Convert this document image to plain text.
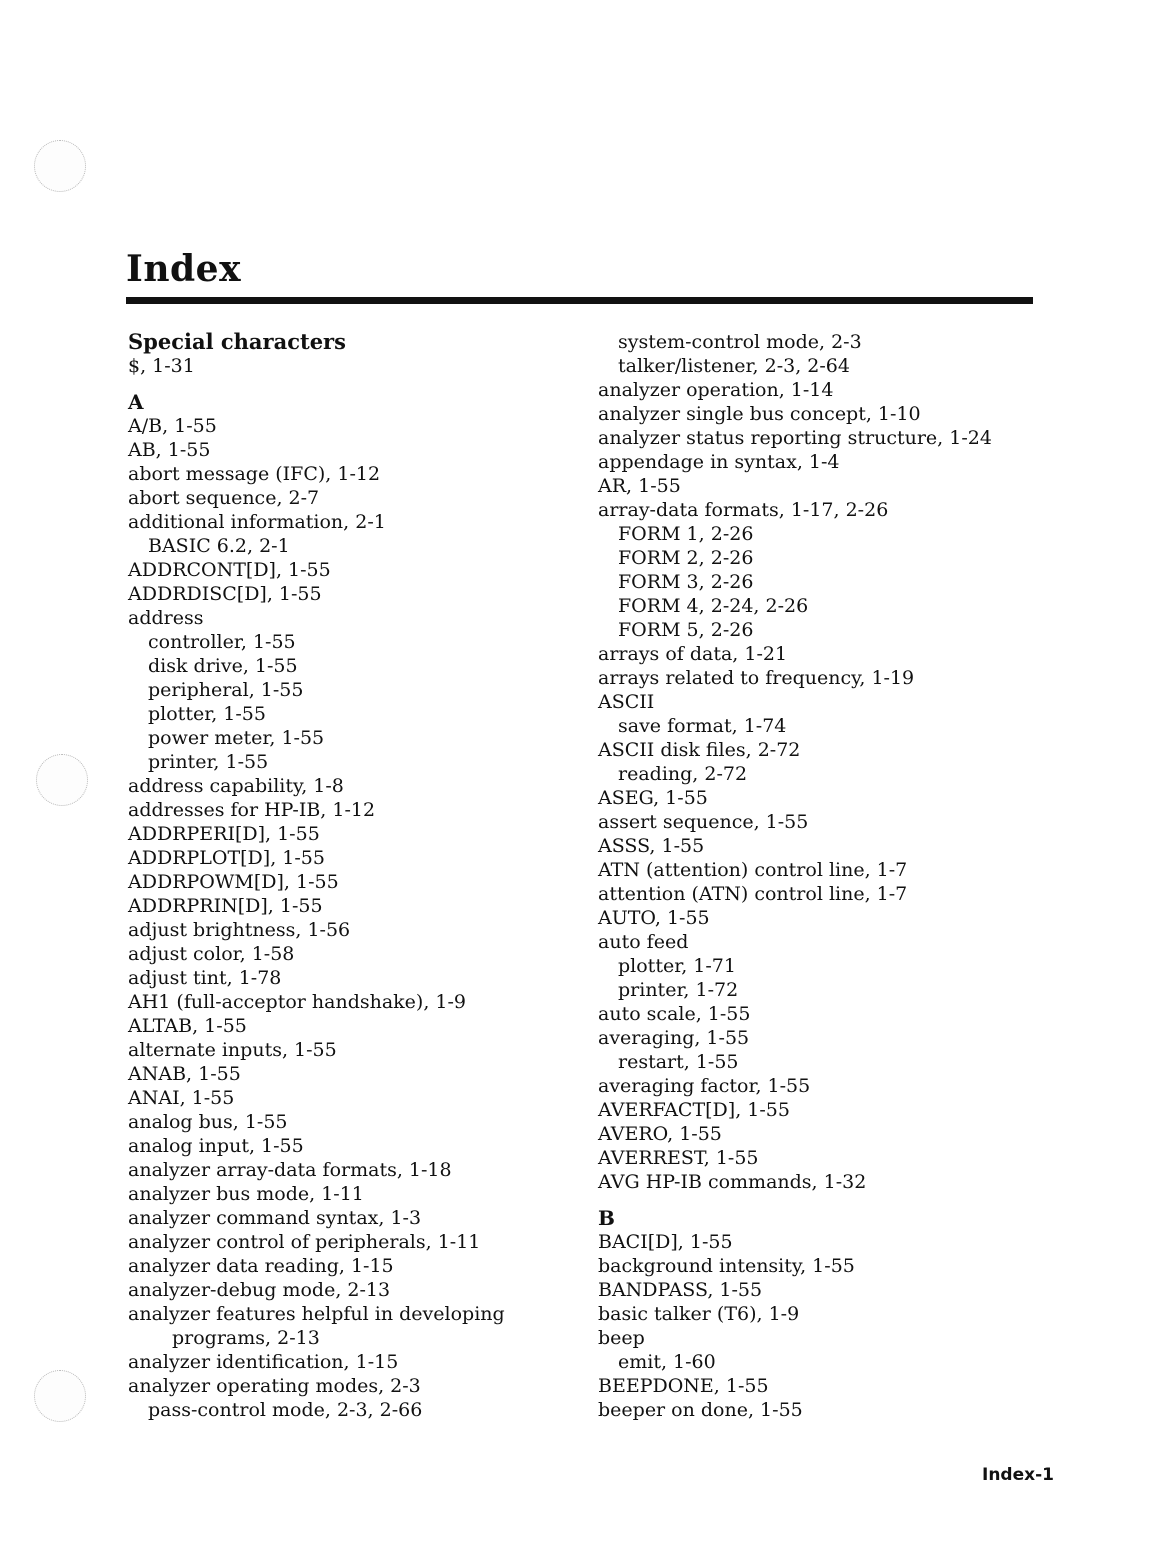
Index
Special characters
$, 1-31
A
A/B, 1-55
AB, 1-55
abort message (IFC), 1-12
abort sequence, 2-7
additional information, 2-1
BASIC 6.2, 2-1
ADDRCONT[D], 1-55
ADDRDISC[D], 1-55
address
controller, 1-55
disk drive, 1-55
peripheral, 1-55
plotter, 1-55
power meter, 1-55
printer, 1-55
address capability, 1-8
addresses for HP-IB, 1-12
ADDRPERI[D], 1-55
ADDRPLOT[D], 1-55
ADDRPOWM[D], 1-55
ADDRPRIN[D], 1-55
adjust brightness, 1-56
adjust color, 1-58
adjust tint, 1-78
AH1 (full-acceptor handshake), 1-9
ALTAB, 1-55
alternate inputs, 1-55
ANAB, 1-55
ANAI, 1-55
analog bus, 1-55
analog input, 1-55
analyzer array-data formats, 1-18
analyzer bus mode, 1-11
analyzer command syntax, 1-3
analyzer control of peripherals, 1-11
analyzer data reading, 1-15
analyzer-debug mode, 2-13
analyzer features helpful in developing
programs, 2-13
analyzer identification, 1-15
analyzer operating modes, 2-3
pass-control mode, 2-3, 2-66
system-control mode, 2-3
talker/listener, 2-3, 2-64
analyzer operation, 1-14
analyzer single bus concept, 1-10
analyzer status reporting structure, 1-24
appendage in syntax, 1-4
AR, 1-55
array-data formats, 1-17, 2-26
FORM 1, 2-26
FORM 2, 2-26
FORM 3, 2-26
FORM 4, 2-24, 2-26
FORM 5, 2-26
arrays of data, 1-21
arrays related to frequency, 1-19
ASCII
save format, 1-74
ASCII disk files, 2-72
reading, 2-72
ASEG, 1-55
assert sequence, 1-55
ASSS, 1-55
ATN (attention) control line, 1-7
attention (ATN) control line, 1-7
AUTO, 1-55
auto feed
plotter, 1-71
printer, 1-72
auto scale, 1-55
averaging, 1-55
restart, 1-55
averaging factor, 1-55
AVERFACT[D], 1-55
AVERO, 1-55
AVERREST, 1-55
AVG HP-IB commands, 1-32
B
BACI[D], 1-55
background intensity, 1-55
BANDPASS, 1-55
basic talker (T6), 1-9
beep
emit, 1-60
BEEPDONE, 1-55
beeper on done, 1-55
Index-1
